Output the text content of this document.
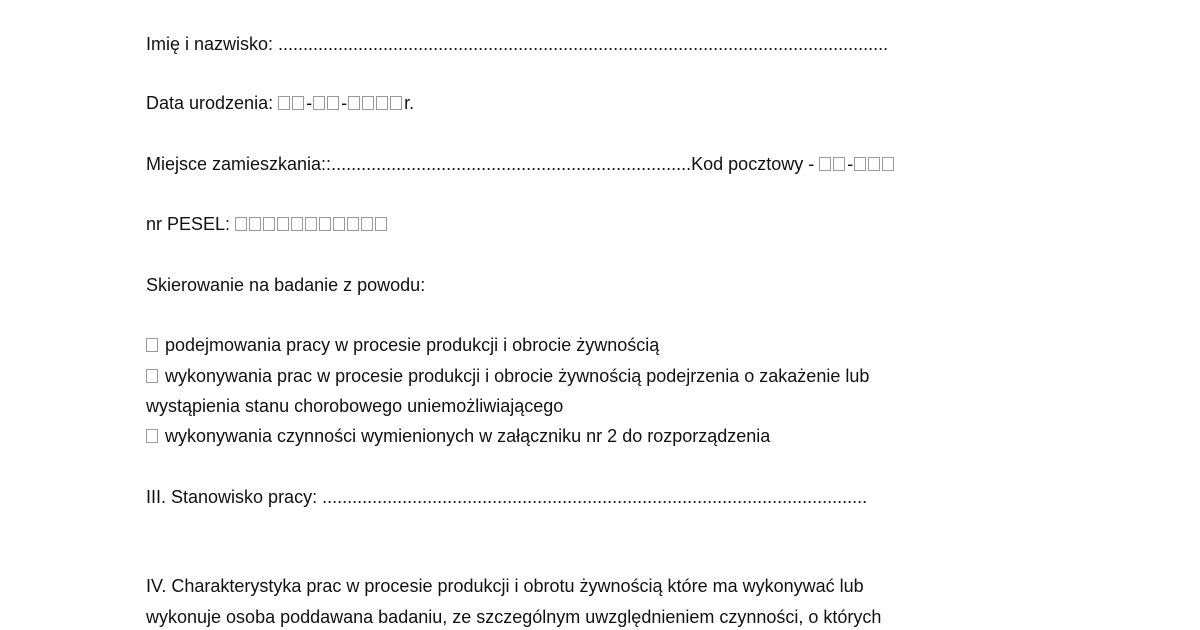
Imię i nazwisko: ..........................................................................................................................
Data urodzenia: - -	r.
Miejsce zamieszkania::........................................................................Kod pocztowy - -
nr PESEL:
Skierowanie na badanie z powodu:
podejmowania pracy w procesie produkcji i obrocie żywnością
wykonywania prac w procesie produkcji i obrocie żywnością podejrzenia o zakażenie lub
wystąpienia stanu chorobowego uniemożliwiającego
wykonywania czynności wymienionych w załączniku nr 2 do rozporządzenia
III. Stanowisko pracy: .............................................................................................................
IV. Charakterystyka prac w procesie produkcji i obrotu żywnością które ma wykonywać lub
wykonuje osoba poddawana badaniu, ze szczególnym uwzględnieniem czynności, o których
